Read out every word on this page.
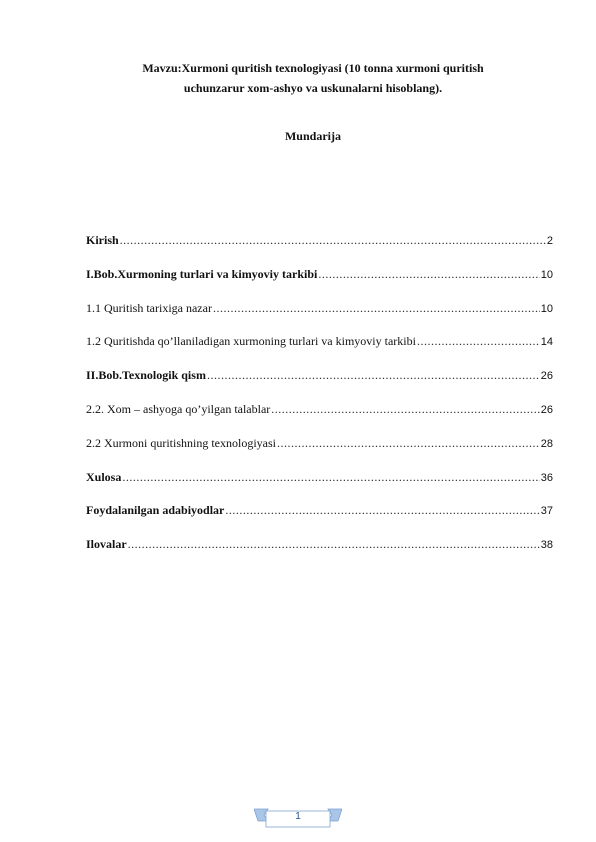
Mavzu:Xurmoni quritish texnologiyasi (10 tonna xurmoni quritish
uchunzarur xom-ashyo va uskunalarni hisoblang).
Mundarija
Kirish .....	2
I.Bob.Xurmoning turlari va kimyoviy tarkibi .....	10
1.1 Quritish tarixiga nazar .....	10
1.2 Quritishda qo’llaniladigan xurmoning turlari va kimyoviy tarkibi .....	14
II.Bob.Texnologik qism .....	26
2.2. Xom – ashyoga qo’yilgan talablar .....	26
2.2 Xurmoni quritishning texnologiyasi .....	28
Xulosa .....	36
Foydalanilgan adabiyodlar .....	37
Ilovalar .....	38
1
